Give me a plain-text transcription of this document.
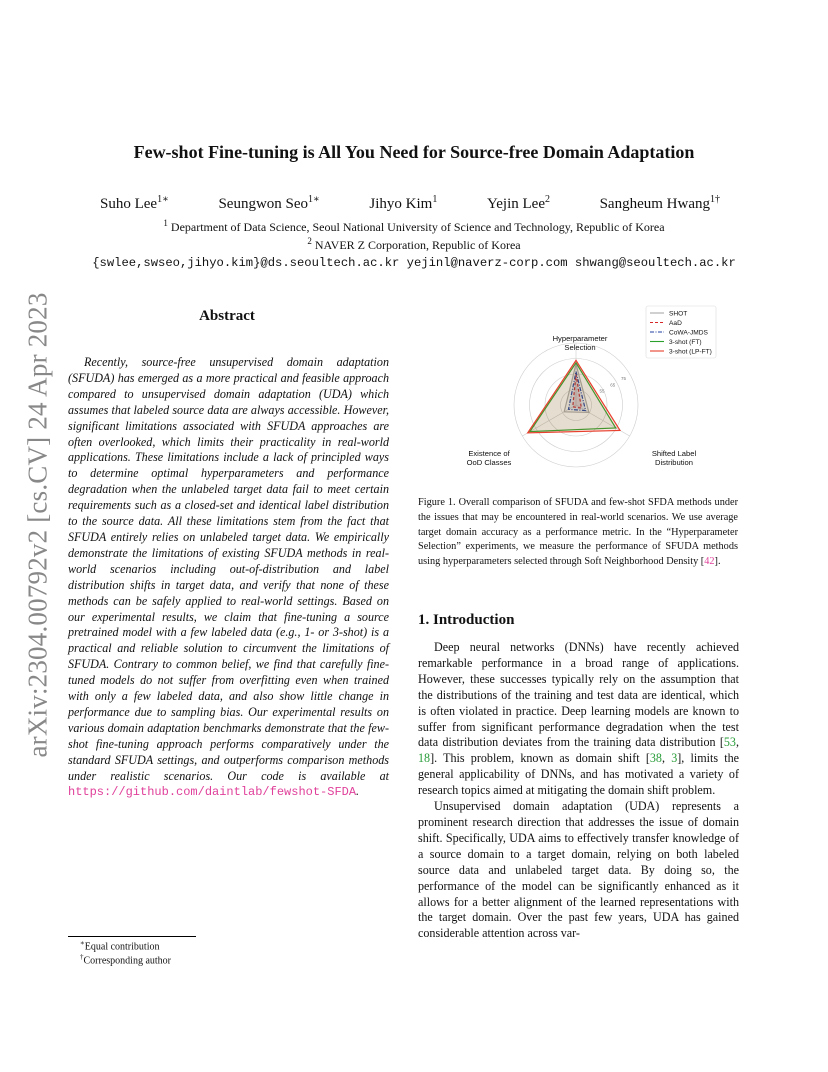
arXiv:2304.00792v2 [cs.CV] 24 Apr 2023
Few-shot Fine-tuning is All You Need for Source-free Domain Adaptation
Suho Lee$^{1∗}$	Seungwon Seo$^{1∗}$	Jihyo Kim$^1$	Yejin Lee$^2$	Sangheum Hwang$^{1\dagger}$
$^1$ Department of Data Science, Seoul National University of Science and Technology, Republic of Korea
$^2$ NAVER Z Corporation, Republic of Korea
{swlee,swseo,jihyo.kim}@ds.seoultech.ac.kr yejinl@naverz-corp.com shwang@seoultech.ac.kr
Abstract

Recently, source-free unsupervised domain adaptation (SFUDA) has emerged as a more practical and feasible approach compared to unsupervised domain adaptation (UDA) which assumes that labeled source data are always accessible. However, significant limitations associated with SFUDA approaches are often overlooked, which limits their practicality in real-world applications. These limitations include a lack of principled ways to determine optimal hyperparameters and performance degradation when the unlabeled target data fail to meet certain requirements such as a closed-set and identical label distribution to the source data. All these limitations stem from the fact that SFUDA entirely relies on unlabeled target data. We empirically demonstrate the limitations of existing SFUDA methods in real-world scenarios including out-of-distribution and label distribution shifts in target data, and verify that none of these methods can be safely applied to real-world settings. Based on our experimental results, we claim that fine-tuning a source pretrained model with a few labeled data (e.g., 1- or 3-shot) is a practical and reliable solution to circumvent the limitations of SFUDA. Contrary to common belief, we find that carefully fine-tuned models do not suffer from overfitting even when trained with only a few labeled data, and also show little change in performance due to sampling bias. Our experimental results on various domain adaptation benchmarks demonstrate that the few-shot fine-tuning approach performs comparatively under the standard SFUDA settings, and outperforms comparison methods under realistic scenarios. Our code is available at https://github.com/daintlab/fewshot-SFDA.

∗Equal contribution
†Corresponding author
55
65
75
Hyperparameter Selection
Shifted Label Distribution
Existence of OoD Classes
SHOT
AaD
CoWA-JMDS
3-shot (FT)
3-shot (LP-FT)
Figure 1. Overall comparison of SFUDA and few-shot SFDA methods under the issues that may be encountered in real-world scenarios. We use average target domain accuracy as a performance metric. In the “Hyperparameter Selection” experiments, we measure the performance of SFUDA methods using hyperparameters selected through Soft Neighborhood Density [42].
1. Introduction

Deep neural networks (DNNs) have recently achieved remarkable performance in a broad range of applications. However, these successes typically rely on the assumption that the distributions of the training and test data are identical, which is often violated in practice. Deep learning models are known to suffer from significant performance degradation when the test data distribution deviates from the training data distribution [53, 18]. This problem, known as domain shift [38, 3], limits the general applicability of DNNs, and has motivated a variety of research topics aimed at mitigating the domain shift problem.

Unsupervised domain adaptation (UDA) represents a prominent research direction that addresses the issue of domain shift. Specifically, UDA aims to effectively transfer knowledge of a source domain to a target domain, relying on both labeled source data and unlabeled target data. By doing so, the performance of the model can be significantly enhanced as it allows for a better alignment of the learned representations with the target domain. Over the past few years, UDA has gained considerable attention across var-
